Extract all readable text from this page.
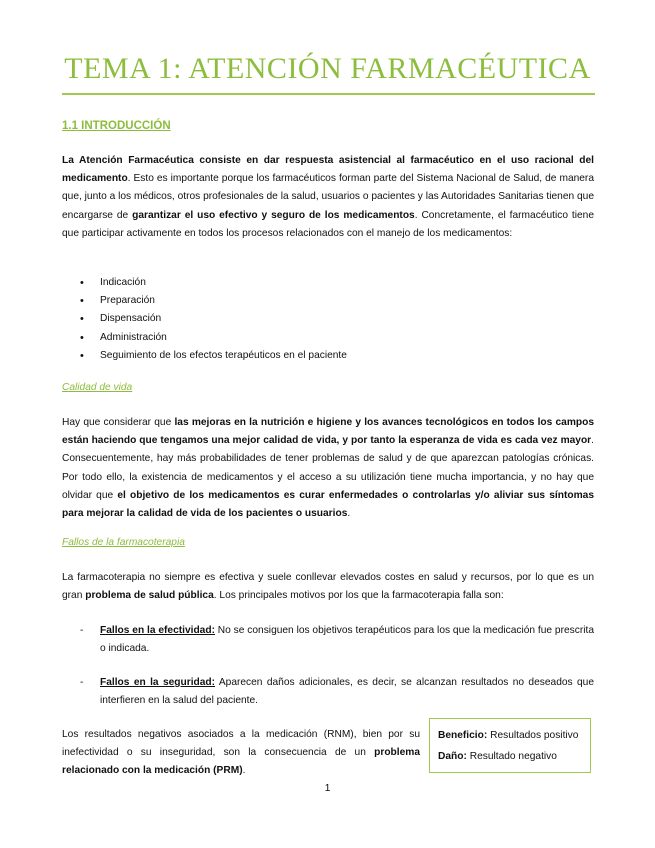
TEMA 1: ATENCIÓN FARMACÉUTICA
1.1 INTRODUCCIÓN

La Atención Farmacéutica consiste en dar respuesta asistencial al farmacéutico en el uso racional del medicamento. Esto es importante porque los farmacéuticos forman parte del Sistema Nacional de Salud, de manera que, junto a los médicos, otros profesionales de la salud, usuarios o pacientes y las Autoridades Sanitarias tienen que encargarse de garantizar el uso efectivo y seguro de los medicamentos. Concretamente, el farmacéutico tiene que participar activamente en todos los procesos relacionados con el manejo de los medicamentos:

• Indicación
• Preparación
• Dispensación
• Administración
• Seguimiento de los efectos terapéuticos en el paciente

Calidad de vida

Hay que considerar que las mejoras en la nutrición e higiene y los avances tecnológicos en todos los campos están haciendo que tengamos una mejor calidad de vida, y por tanto la esperanza de vida es cada vez mayor. Consecuentemente, hay más probabilidades de tener problemas de salud y de que aparezcan patologías crónicas. Por todo ello, la existencia de medicamentos y el acceso a su utilización tiene mucha importancia, y no hay que olvidar que el objetivo de los medicamentos es curar enfermedades o controlarlas y/o aliviar sus síntomas para mejorar la calidad de vida de los pacientes o usuarios.

Fallos de la farmacoterapia

La farmacoterapia no siempre es efectiva y suele conllevar elevados costes en salud y recursos, por lo que es un gran problema de salud pública. Los principales motivos por los que la farmacoterapia falla son:

- Fallos en la efectividad: No se consiguen los objetivos terapéuticos para los que la medicación fue prescrita o indicada.
- Fallos en la seguridad: Aparecen daños adicionales, es decir, se alcanzan resultados no deseados que interfieren en la salud del paciente.

Los resultados negativos asociados a la medicación (RNM), bien por su inefectividad o su inseguridad, son la consecuencia de un problema relacionado con la medicación (PRM).

Beneficio: Resultados positivo
Daño: Resultado negativo
1
